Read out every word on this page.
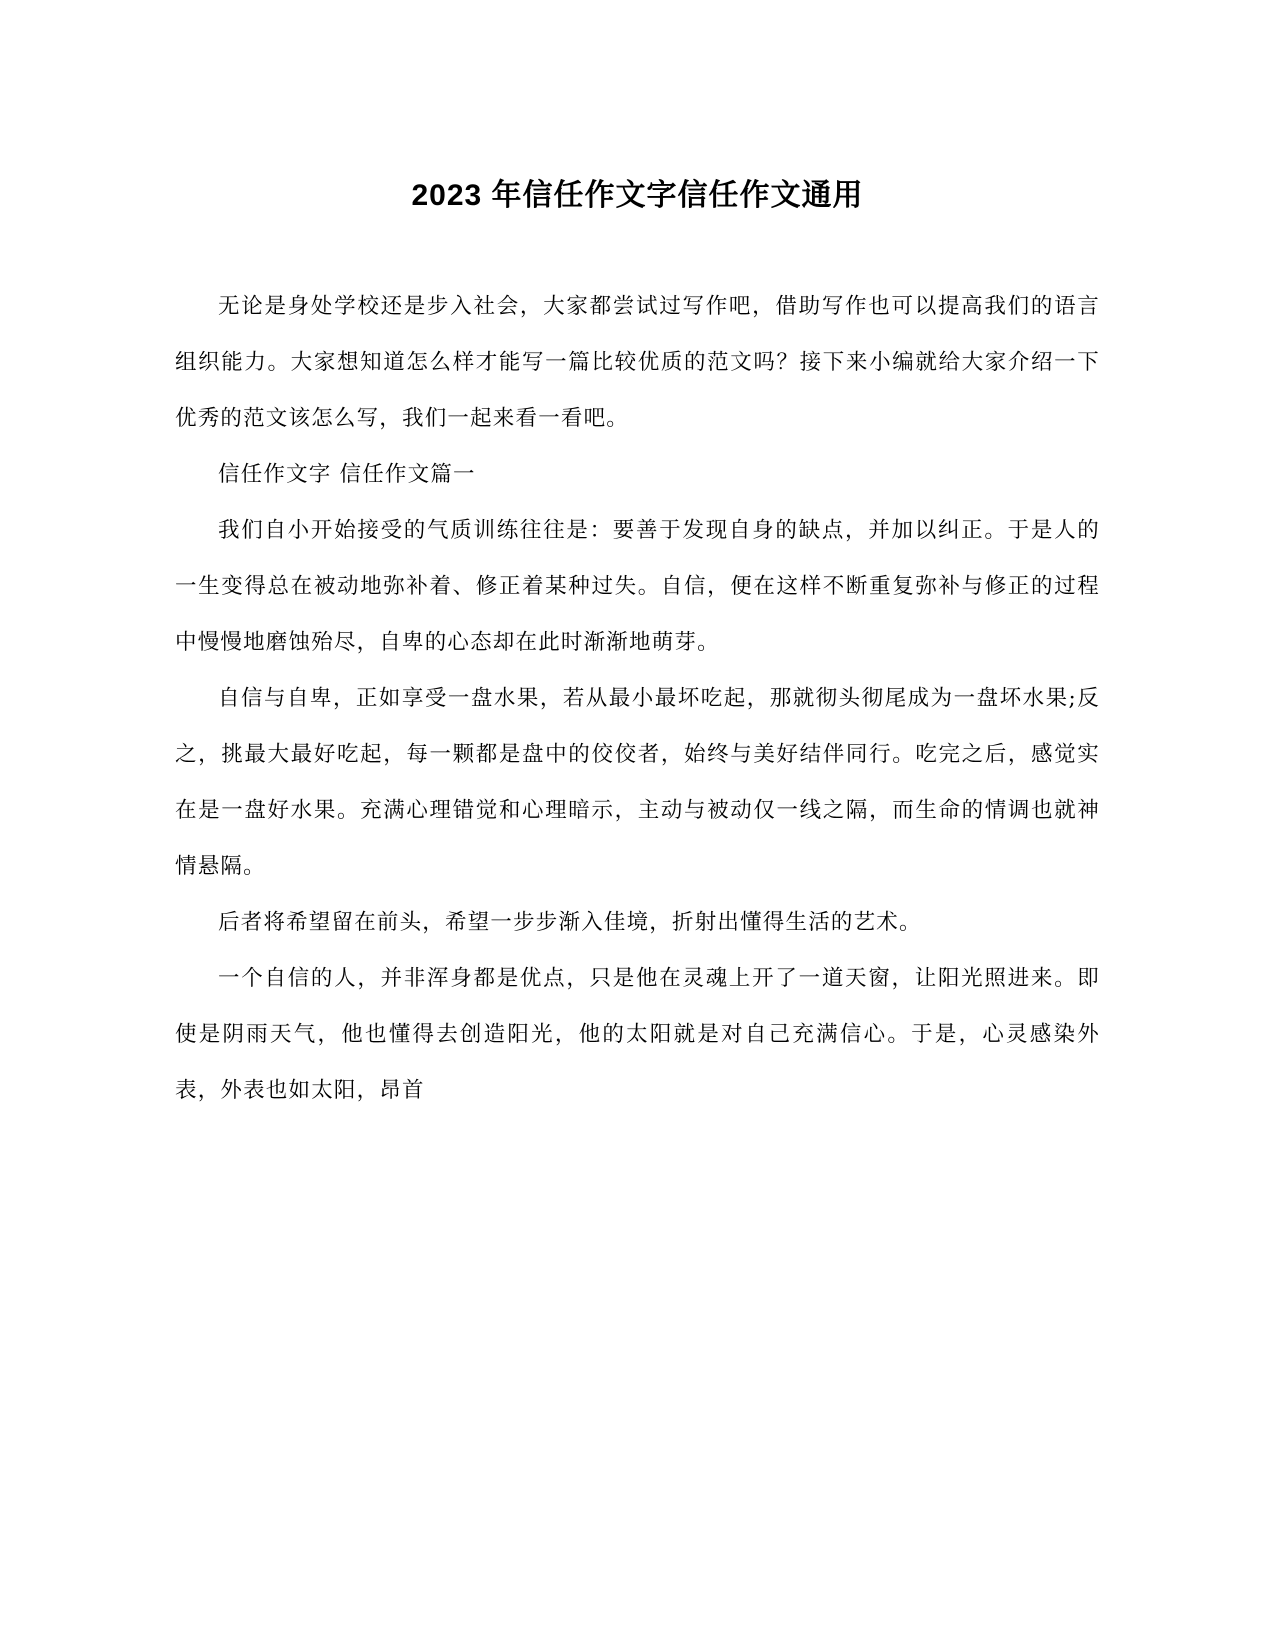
2023 年信任作文字信任作文通用

无论是身处学校还是步入社会，大家都尝试过写作吧，借助写作也可以提高我们的语言组织能力。大家想知道怎么样才能写一篇比较优质的范文吗？接下来小编就给大家介绍一下优秀的范文该怎么写，我们一起来看一看吧。

信任作文字 信任作文篇一

我们自小开始接受的气质训练往往是：要善于发现自身的缺点，并加以纠正。于是人的一生变得总在被动地弥补着、修正着某种过失。自信，便在这样不断重复弥补与修正的过程中慢慢地磨蚀殆尽，自卑的心态却在此时渐渐地萌芽。

自信与自卑，正如享受一盘水果，若从最小最坏吃起，那就彻头彻尾成为一盘坏水果;反之，挑最大最好吃起，每一颗都是盘中的佼佼者，始终与美好结伴同行。吃完之后，感觉实在是一盘好水果。充满心理错觉和心理暗示，主动与被动仅一线之隔，而生命的情调也就神情悬隔。

后者将希望留在前头，希望一步步渐入佳境，折射出懂得生活的艺术。

一个自信的人，并非浑身都是优点，只是他在灵魂上开了一道天窗，让阳光照进来。即使是阴雨天气，他也懂得去创造阳光，他的太阳就是对自己充满信心。于是，心灵感染外表，外表也如太阳，昂首
